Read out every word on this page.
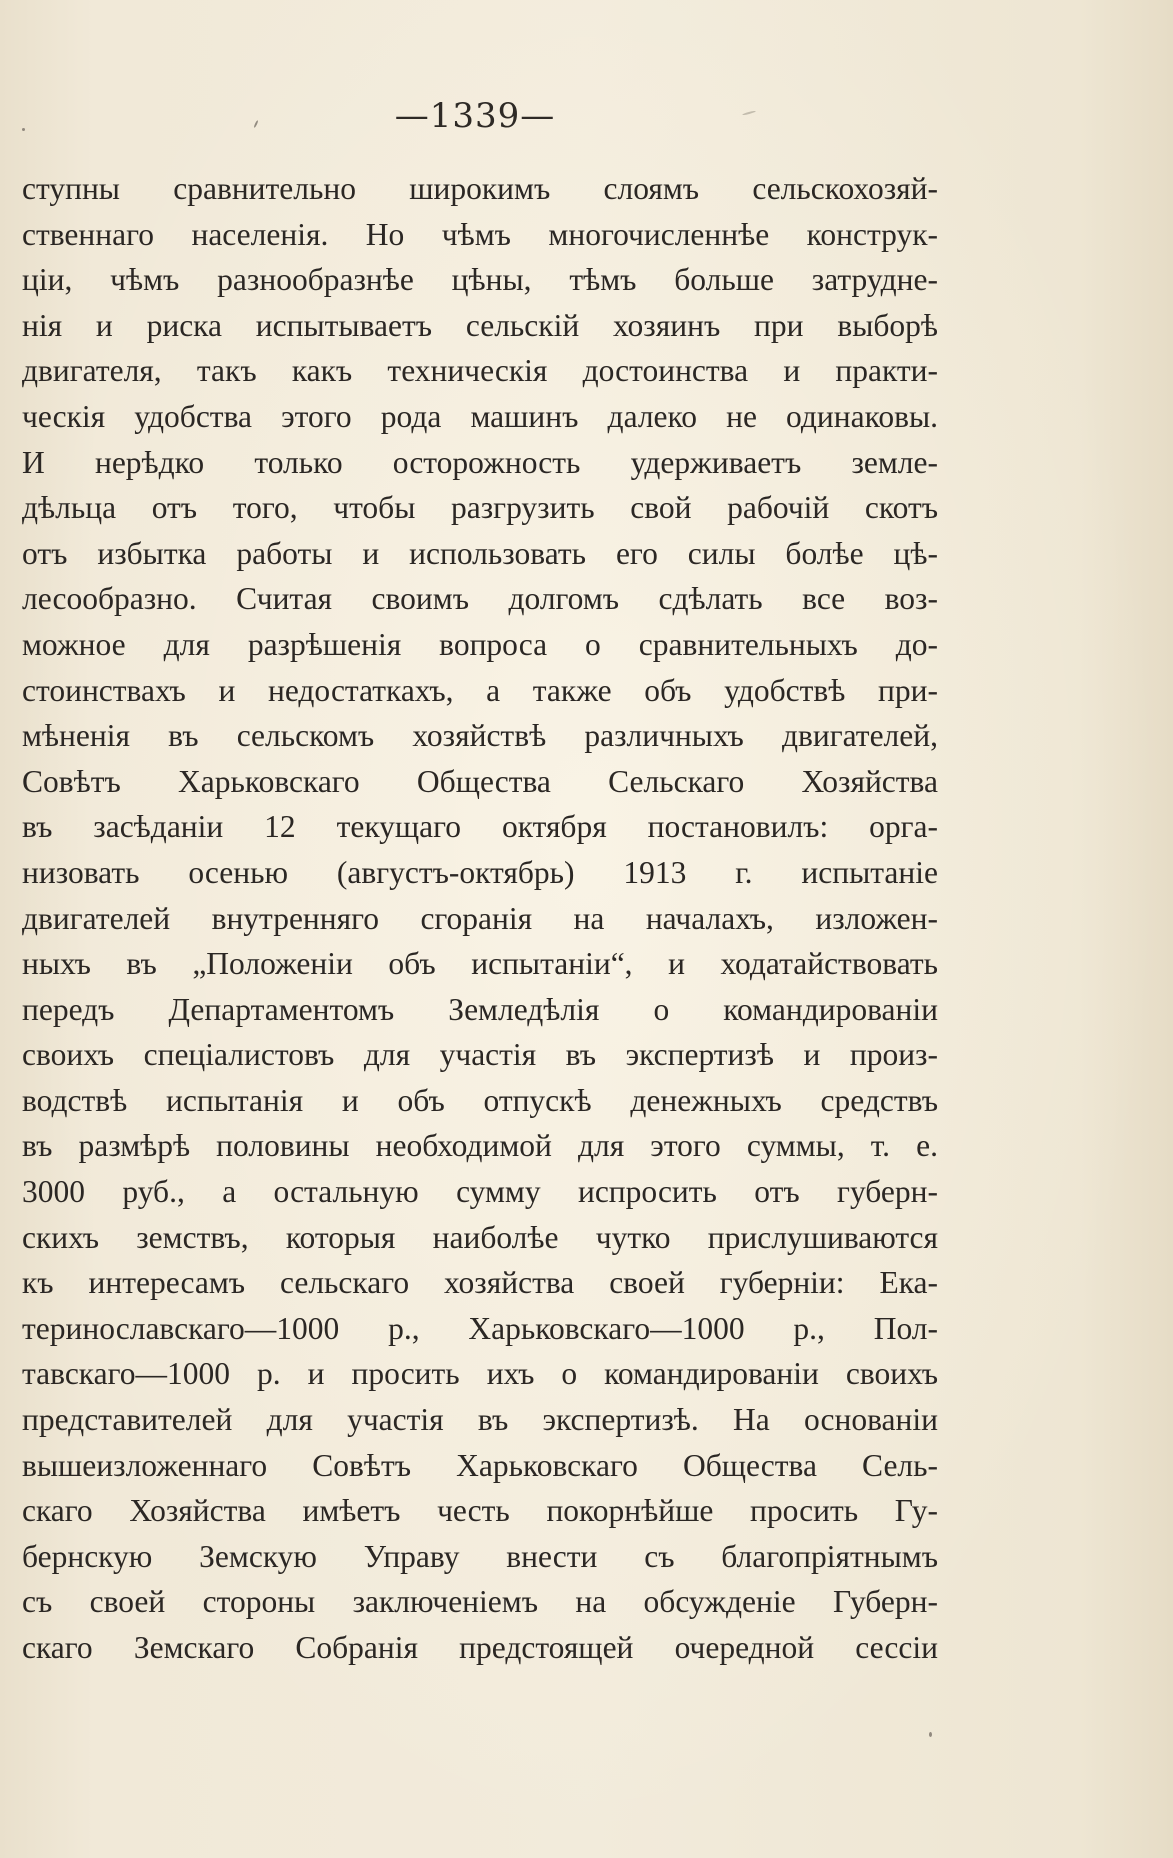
—1339—
ступны сравнительно широкимъ слоямъ сельскохозяй-
ственнаго населенія. Но чѣмъ многочисленнѣе конструк-
ціи, чѣмъ разнообразнѣе цѣны, тѣмъ больше затрудне-
нія и риска испытываетъ сельскій хозяинъ при выборѣ
двигателя, такъ какъ техническія достоинства и практи-
ческія удобства этого рода машинъ далеко не одинаковы.
И нерѣдко только осторожность удерживаетъ земле-
дѣльца отъ того, чтобы разгрузить свой рабочій скотъ
отъ избытка работы и использовать его силы болѣе цѣ-
лесообразно. Считая своимъ долгомъ сдѣлать все воз-
можное для разрѣшенія вопроса о сравнительныхъ до-
стоинствахъ и недостаткахъ, а также объ удобствѣ при-
мѣненія въ сельскомъ хозяйствѣ различныхъ двигателей,
Совѣтъ Харьковскаго Общества Сельскаго Хозяйства
въ засѣданіи 12 текущаго октября постановилъ: орга-
низовать осенью (августъ-октябрь) 1913 г. испытаніе
двигателей внутренняго сгоранія на началахъ, изложен-
ныхъ въ „Положеніи объ испытаніи“, и ходатайствовать
передъ Департаментомъ Земледѣлія о командированіи
своихъ спеціалистовъ для участія въ экспертизѣ и произ-
водствѣ испытанія и объ отпускѣ денежныхъ средствъ
въ размѣрѣ половины необходимой для этого суммы, т. е.
3000 руб., а остальную сумму испросить отъ губерн-
скихъ земствъ, которыя наиболѣе чутко прислушиваются
къ интересамъ сельскаго хозяйства своей губерніи: Ека-
теринославскаго—1000 р., Харьковскаго—1000 р., Пол-
тавскаго—1000 р. и просить ихъ о командированіи своихъ
представителей для участія въ экспертизѣ. На основаніи
вышеизложеннаго Совѣтъ Харьковскаго Общества Сель-
скаго Хозяйства имѣетъ честь покорнѣйше просить Гу-
бернскую Земскую Управу внести съ благопріятнымъ
съ своей стороны заключеніемъ на обсужденіе Губерн-
скаго Земскаго Собранія предстоящей очередной сессіи
